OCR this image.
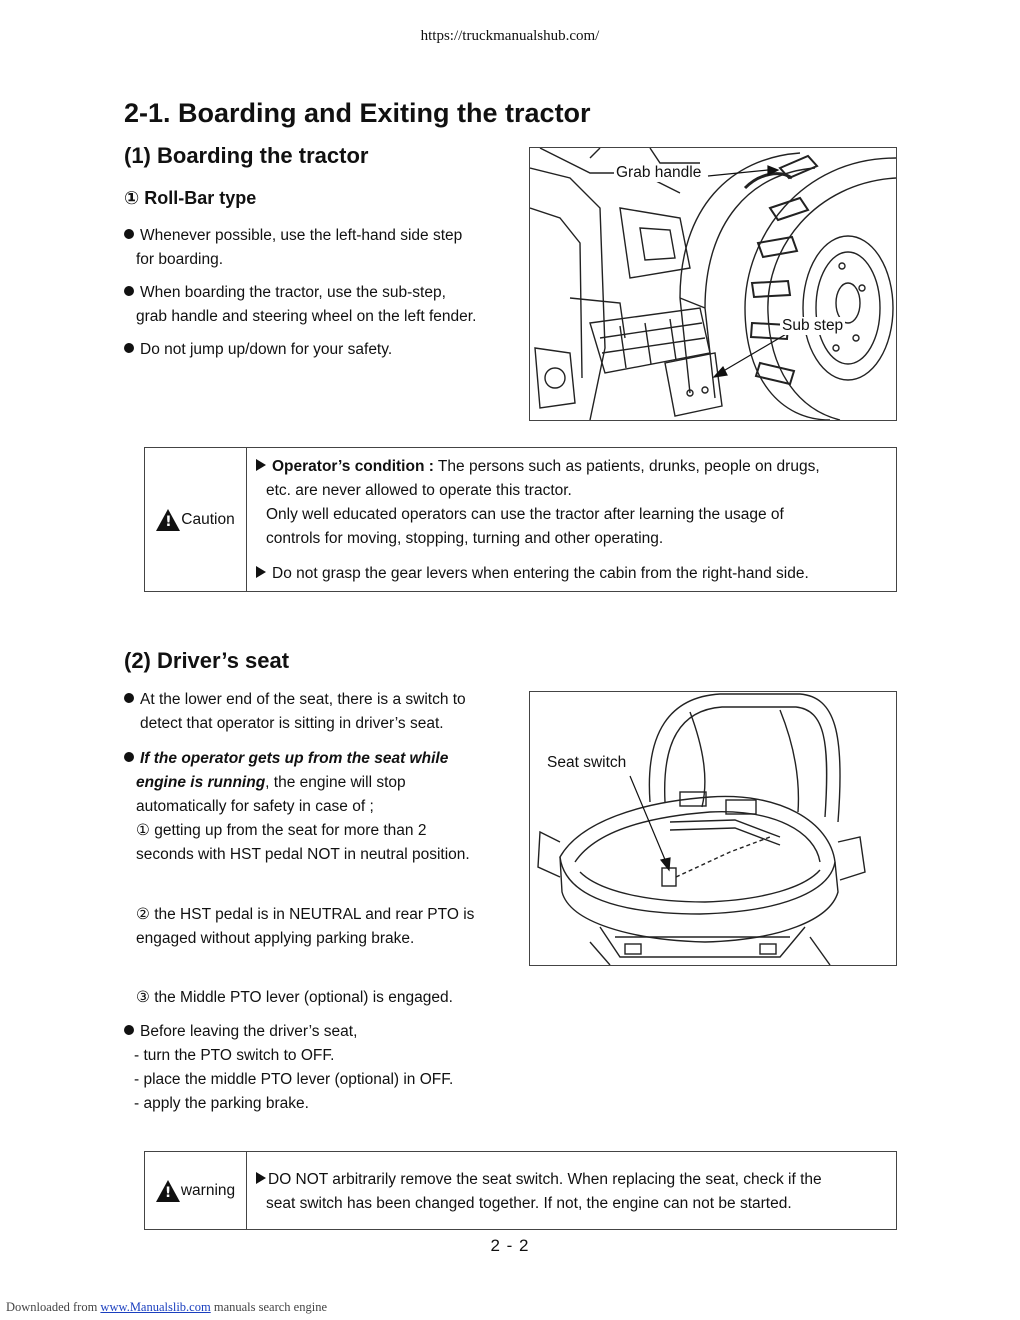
https://truckmanualshub.com/
2-1. Boarding and Exiting the tractor
(1) Boarding the tractor
① Roll-Bar type
Whenever possible, use the left-hand side step
for boarding.
When boarding the tractor, use the sub-step,
grab handle and steering wheel on the left fender.
Do not jump up/down for your safety.
Grab handle
Sub step
!
Caution
Operator’s condition : The persons such as patients, drunks, people on drugs,
etc. are never allowed to operate this tractor.
Only well educated operators can use the tractor after learning the usage of
controls for moving, stopping, turning and other operating.
Do not grasp the gear levers when entering the cabin from the right-hand side.
(2) Driver’s seat
At the lower end of the seat, there is a switch to
detect that operator is sitting in driver’s seat.
If the operator gets up from the seat while
engine is running, the engine will stop
automatically for safety in case of ;
① getting up from the seat for more than 2
seconds with HST pedal NOT in neutral position.
② the HST pedal is in NEUTRAL and rear PTO is
engaged without applying parking brake.
③ the Middle PTO lever (optional) is engaged.
Before leaving the driver’s seat,
- turn the PTO switch to OFF.
- place the middle PTO lever (optional) in OFF.
- apply the parking brake.
Seat switch
!
warning
DO NOT arbitrarily remove the seat switch. When replacing the seat, check if the
seat switch has been changed together. If not, the engine can not be started.
2 - 2
Downloaded from www.Manualslib.com manuals search engine
